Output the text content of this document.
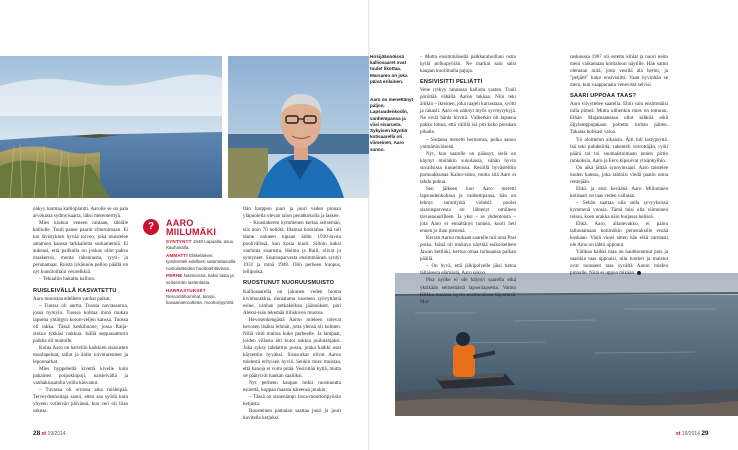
näkyy harmaa kallioplantti. Aarolle se on pala arvokasta sydmyisaarta, läksi merenterttyä.

Mies kiukuu veneen rantaan, sileälle kalliolle. Tuuli panee paarin vihuroimaan. Ei kai lävistyksen hyvää toivoo, joka muistelee satamien kanssa tarkkaileita sorkaniemiä. Ei aukeasi, että pailkalla on joskus ollut paksu maakerros, monta rakennusta, ryyti- ja perunamaat. Ruista lykännön pellon päällä on nyt kuusitoittain vesirelkkiä.

– Tekualiin hukattu kallion.

RUISLEIVÄLLÄ KASVATETTU

Aaro tunnistaa edelleen vanhat paikat.

– Tuossa oli aurtta. Tuossa navrasaurua, jossa nymyin. Tuossa kohtaa minä mukan lapsena yhtärgyn koron-veljen kanssa. Tuossa oli takka. Tässä keskihuone, jossa Raija-siskoa tykkäsi nukkua. Isällä sepparaattorin paikka oli maitolle.

Kohta Aaro on harteliin kaikkien sisarusten muolapeluat, tallut ja äidin toivotarenteet ja lepoonarkat.

Mies hyppeheltä kivettä kivelle kuin pahainen poipokinpoji, naisleivällä ja vanhakiusatulla voilla kasvanut.

– Tuvassa oli orrossa aina ruisleipää. Terveydenhoitaja sanoi, etten saa syödä kuin yhyeen voileivän päivässä, kun veri oli liian sakeaa.

?	AARO
MIILUMÄKI
SYNTYNYT 1948 Lapualla, asuu Kauhavalla.
AMMATTI Eläkeläinen, työskenteli edelleen satamatasoilla nostolaitteiden huoltotehtävissä.
PERHE Naimisissa, kaksi lasta ja seitsemän lastenlasta.
HARRASTUKSET Remonttihommat, tanssi, kavaanaeroottinta, moottoripyörät.

Itän harppoo juuri ja juuri veden pinnan yläpuolella olevan talon penatkokolla ja laskee.

– Kuusinkeren kymmenen kertaa seitsemän, siis noin 70 neliötä. Iltamaa hoosialaa. Isä tuli tänne oaineen tupaan äidin 1930-luvun puolivälissä, kun kosia kuoli. Silloin kaksi vanhinta sisarusta, Heimo ja Raili, olivat jo syntyneet. Sisarusparvesta ensimmäinen syntyi 1931 ja minä 1948. Olin perheen kuopus, lellipoika.

RUOSTUNUT NUORUUSMUISTO

Kalliosaarella on jokunen veden hioma kivimurakkia, muuatama ruosteen syövyttämä esine, vanhan petkakelkan jäännökset, pari Aleksi-isän tekemää tiiliskiven muotoa.

Hevosenkengästä Aaron mieleen tulevat hevosen lisäksi lehmät, jotta ylensä oli kolmen. Niitä vinti maitoa kuko perheelle. Ja lampaat, joiden villasta äiti kutoi sukkia joululahjaksi. Joka syksy lahdattiin possu, jonka kaikki osat käytettiin hyväksi. Sisusurkat olivat Aaron mielestä erityisen hyviä. Senkin mies muistaa, että kanoja ei voitu pitää. Vesiriitän kyllä, mutta ne päätyivät haukan saaliiksi.

Nyt perheen kaupan tutkii ruostunutta esinettä, koppaa maasta käteensä jotakin:

– Tässä on sisaenämpi Jawa-moottoripyörän ketjusta.

Ruosteinen pamalan saattaa juuri ja juuri kuvitella ketjuksi.

Hirsijäännöissä kalliosaaret ovat tuulet likottaa. Marsamo on joka päivä erilainen.
Aaro on menettänyt paljon. Lapsuudenkodin, vanhempansa ja viisi sisarusta. Sykyisen käyntiä kotisaarella oli viimeinen, Aaro sanoo.

– Mutta ensimmäisellä palkkarahoillani ostin kyllä polkupyörän. Ne markat sain saisi kaupan kuorimalla pajuja.

ENSIVISITTI PELIÄTTI

Vene rytkyy rannassa kalliota vasten. Tuuli pöröttää vähällä Aaron lukkaa. Niin teki äitikin – ikteinen, joka raajeli karrastaan, syötti ja rakasti. Aaro on nähnyt myös syvmyrykyjä. Ne eivät hänla hirvitä. Välherkin oli lapsena pakko tottua, että välillä isä piti koko porukan pihalle.

– Sodassa menetti hermonsa, poika sanoo ymmärtäväisesti.

Nyt, kun saarelle on päässyt, sielä on käynyt muitakin sukulaisia, vähän hyvin suvallsissa tunnelmissa. Resiillä hyvästeltiin pomoakkunaa Kaino-sisko, mutta sitä Aaro ei tahdo puhua.

Sen jälkeen kun Aaro meretti lapsuudenkotissa ja vanhempansa, hän on tehnyt suruntyötä vidaisti: puolet sisarusparvesta on lähtenyt omilleen tavuossuurilleen. Ja yksi – se yhdentoista – jota Aaro ei ennättänyt tunnea, kuoli heti ennen jo ihan pienenä.

Kerran Aaron mukaan saarelle tuli oma Pasi poika. Isänä oli mukava näyttää esikoiselleen Jawan kettinki, kertoa omaa tarinaansa paikan päällä.

– On hyvä, että jälkipolvelle jäisi tietoa tällaisesta elämästä, Aaro sokoo.

Pisa nyöke ei ole käynyt saarella eikä yksikään seitsemästä lapsenlapsesta. Vaimo Hilkka muistaa hyvin ensimmäisen käyntinsä. Mar-

raskuussa 1967 oli ostettu kihlat ja nuori neito meni vaikamaan kotitaloon näytille. Hän sattui olemaan niitä, jotta vesillä ala hermi, ja "peljätti" koko ensivisiitti. Vaan hyvinhän se meni, kun vaapparaata venevistä selvisi.

SAARI UPPOAA TAAS?

Aaro viivyttelee saarella. Ehtii vain ensimmäisi tulla pimeä. Mutta ulihenkin mies on tottunut. Ethän Majamaanessa ollut sähköä eikä öljylamppujakaan poltettu turhan päiten. Takasta hohkasi valoa.

Yö aloittelun aikaisin. Äiti tuli lastypsyttä. Isä teki puhdetöitä, rakenteli verrottäjän, ryöti päärä tai toi suumaistoimaan ennen pirtin runkoksia. Aaro ja Eero kipsuivat ylisänkyihin.

On aika jättää synnyinsaari. Aaro taistelee tuulen kanssa, joka tahtoisi viedä paatin omia reittejään.

Ehkä ja ensi keväänä Aaro Miilumäen kotisaari on taas veden vallassa.

– Sehän saattaa olla sella syvyyksissä kymmenä vuosia. Tämä taisi olla viimeinen reissu, koen urakka näin hurjassa kelissä.

Ehkä. Aaro, allanevakko, ei päinu talluutamaan kotimökin perustuksille ensää koskaan. Vielä vuosi sitten hän eikä varmasti ole Aino on lähtö upponut.

Välikaa kaikki maa on hauhtonutnut pois ja saarikin taas uppoaisi, niin tuntieri ja muistot ovat nousseet taas syvältä Aaron mielen pinnalle. Niitä ei uppoa mikään.

28 et 19/2014	et 19/2014 29
